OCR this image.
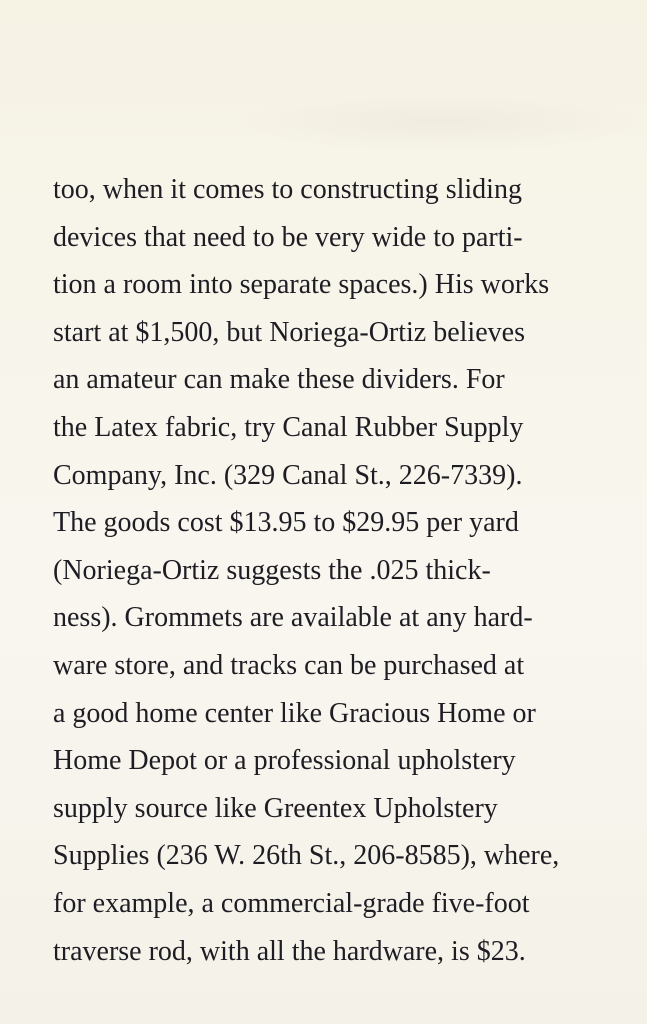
too, when it comes to constructing sliding
devices that need to be very wide to parti-
tion a room into separate spaces.) His works
start at $1,500, but Noriega-Ortiz believes
an amateur can make these dividers. For
the Latex fabric, try Canal Rubber Supply
Company, Inc. (329 Canal St., 226-7339).
The goods cost $13.95 to $29.95 per yard
(Noriega-Ortiz suggests the .025 thick-
ness). Grommets are available at any hard-
ware store, and tracks can be purchased at
a good home center like Gracious Home or
Home Depot or a professional upholstery
supply source like Greentex Upholstery
Supplies (236 W. 26th St., 206-8585), where,
for example, a commercial-grade five-foot
traverse rod, with all the hardware, is $23.
